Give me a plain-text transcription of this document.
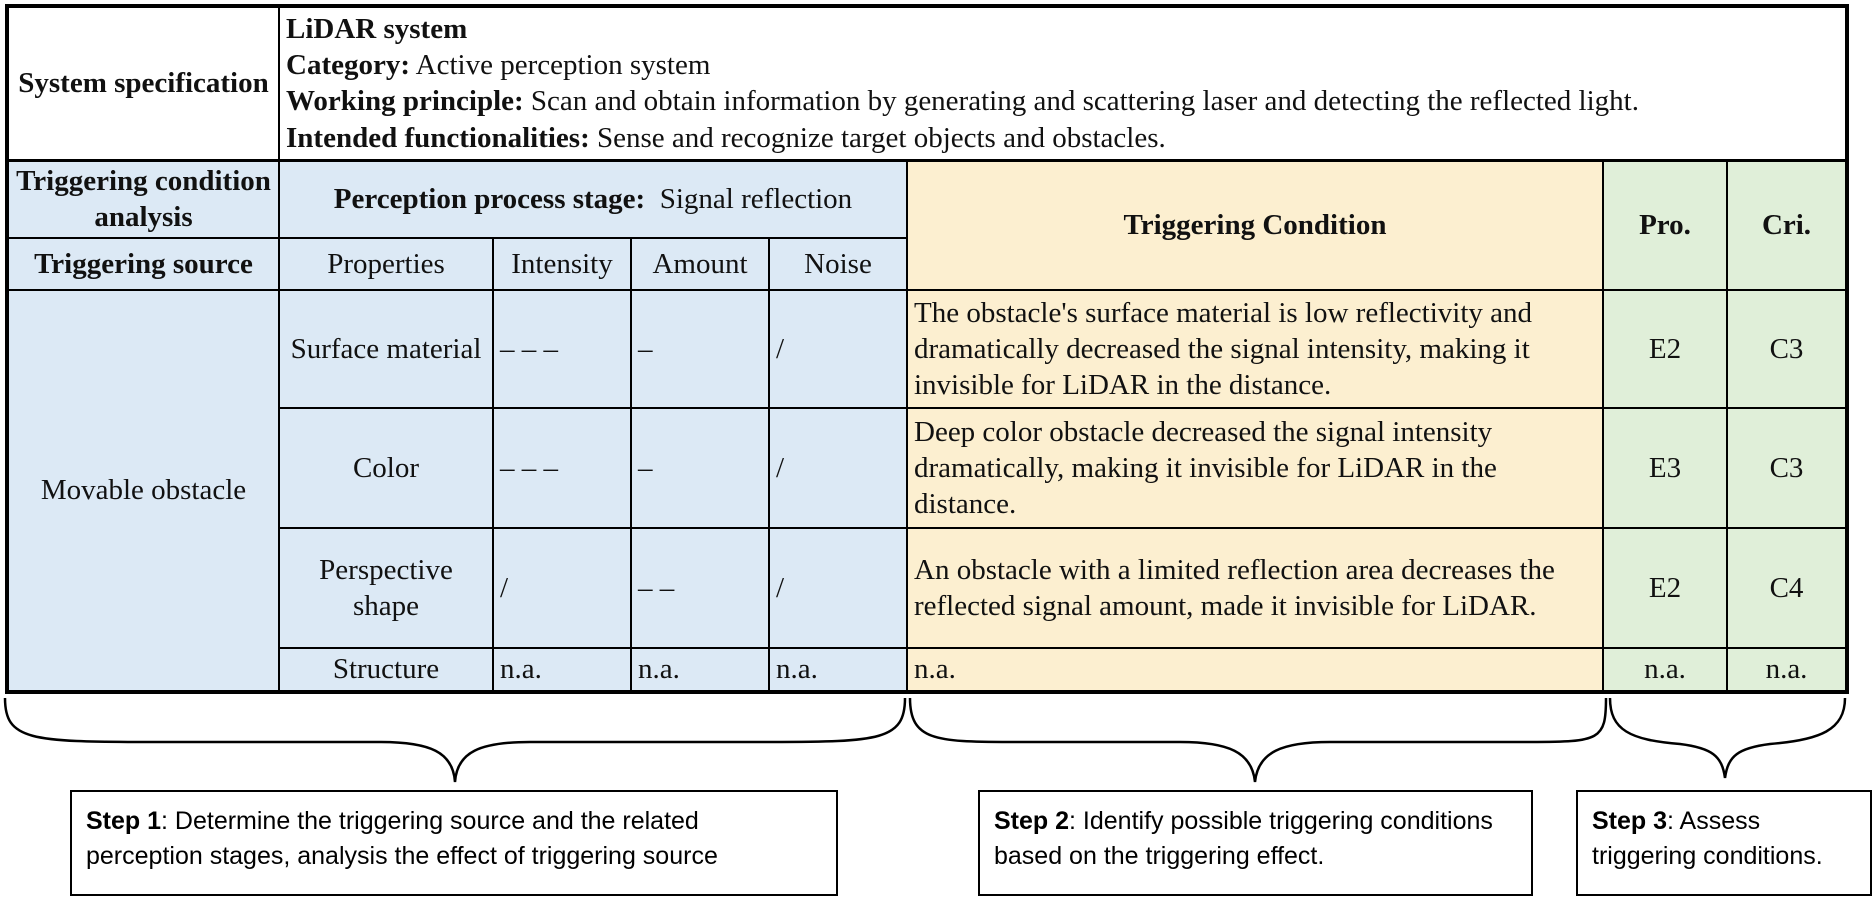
System specification	LiDAR system
Category: Active perception system
Working principle: Scan and obtain information by generating and scattering laser and detecting the reflected light.
Intended functionalities: Sense and recognize target objects and obstacles.						

Triggering condition analysis	Perception process stage: Signal reflection				Triggering Condition	Pro.	Cri.
Triggering source	Properties	Intensity	Amount	Noise			
Movable obstacle	Surface material	– – –	–	/	The obstacle's surface material is low reflectivity and dramatically decreased the signal intensity, making it invisible for LiDAR in the distance.	E2	C3
	Color	– – –	–	/	Deep color obstacle decreased the signal intensity dramatically, making it invisible for LiDAR in the distance.	E3	C3
	Perspective shape	/	– –	/	An obstacle with a limited reflection area decreases the reflected signal amount, made it invisible for LiDAR.	E2	C4
	Structure	n.a.	n.a.	n.a.	n.a.	n.a.	n.a.
Step 1: Determine the triggering source and the related perception stages, analysis the effect of triggering source
Step 2: Identify possible triggering conditions based on the triggering effect.
Step 3: Assess triggering conditions.
